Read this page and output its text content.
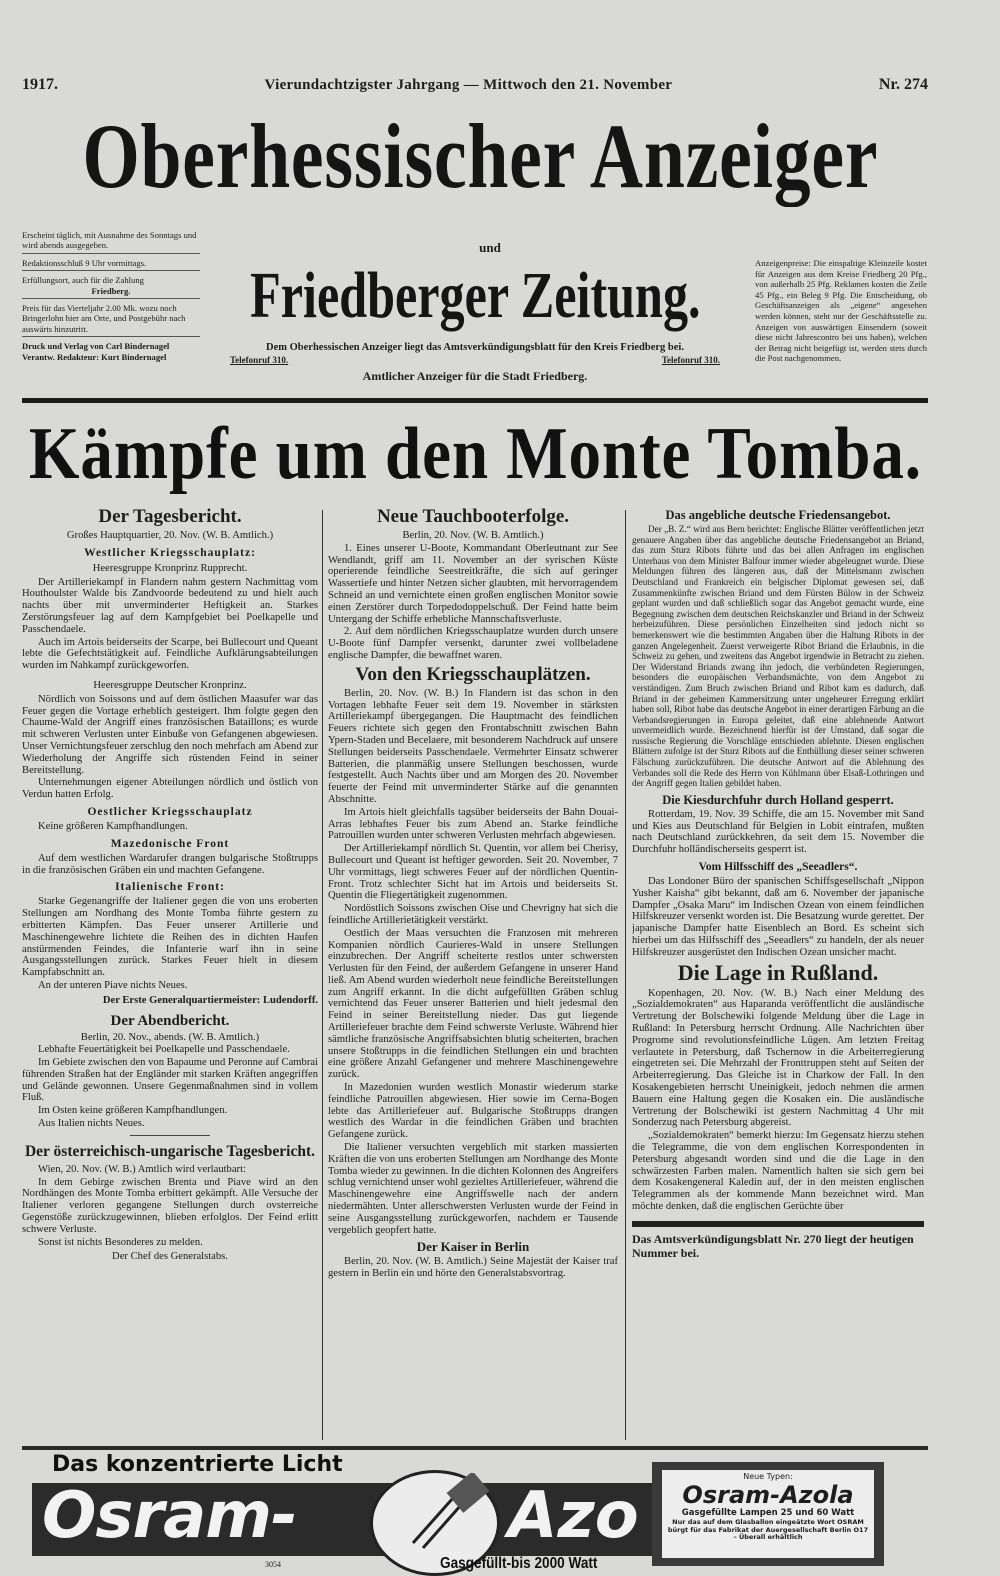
1917.	Vierundachtzigster Jahrgang — Mittwoch den 21. November	Nr. 274
Oberhessischer Anzeiger
und
Friedberger Zeitung.

Erscheint täglich, mit Ausnahme des Sonntags und wird abends ausgegeben.

Redaktionsschluß 9 Uhr vormittags.

Erfüllungsort, auch für die Zahlung

Friedberg.

Preis für das Vierteljahr 2.00 Mk. wozu noch Bringerlohn hier am Orte, und Postgebühr nach auswärts hinzutritt.

Druck und Verlag von Carl Bindernagel Verantw. Redakteur: Kurt Bindernagel

Anzeigenpreise: Die einspaltige Kleinzeile kostet für Anzeigen aus dem Kreise Friedberg 20 Pfg., von außerhalb 25 Pfg. Reklamen kosten die Zeile 45 Pfg., ein Beleg 9 Pfg. Die Entscheidung, ob Geschäftsanzeigen als „eigene“ angesehen werden können, steht nur der Geschäftsstelle zu. Anzeigen von auswärtigen Einsendern (soweit diese nicht Jahrescontro bei uns haben), welchen der Betrag nicht beigefügt ist, werden stets durch die Post nachgenommen.
Dem Oberhessischen Anzeiger liegt das Amtsverkündigungsblatt für den Kreis Friedberg bei.
Telefonruf 310.	Telefonruf 310.
Amtlicher Anzeiger für die Stadt Friedberg.
Kämpfe um den Monte Tomba.
Der Tagesbericht.
Großes Hauptquartier, 20. Nov. (W. B. Amtlich.)
Westlicher Kriegsschauplatz:
Heeresgruppe Kronprinz Rupprecht.

Der Artilleriekampf in Flandern nahm gestern Nachmittag vom Houthoulster Walde bis Zandvoorde bedeutend zu und hielt auch nachts über mit unverminderter Heftigkeit an. Starkes Zerstörungsfeuer lag auf dem Kampfgebiet bei Poelkapelle und Passchendaele.

Auch im Artois beiderseits der Scarpe, bei Bullecourt und Queant lebte die Gefechtstätigkeit auf. Feindliche Aufklärungsabteilungen wurden im Nahkampf zurückgeworfen.

Heeresgruppe Deutscher Kronprinz.

Nördlich von Soissons und auf dem östlichen Maasufer war das Feuer gegen die Vortage erheblich gesteigert. Ihm folgte gegen den Chaume-Wald der Angriff eines französischen Bataillons; es wurde mit schweren Verlusten unter Einbuße von Gefangenen abgewiesen. Unser Vernichtungsfeuer zerschlug den noch mehrfach am Abend zur Wiederholung der Angriffe sich rüstenden Feind in seiner Bereitstellung.

Unternehmungen eigener Abteilungen nördlich und östlich von Verdun hatten Erfolg.

Oestlicher Kriegsschauplatz

Keine größeren Kampfhandlungen.

Mazedonische Front

Auf dem westlichen Wardarufer drangen bulgarische Stoßtrupps in die französischen Gräben ein und machten Gefangene.

Italienische Front:

Starke Gegenangriffe der Italiener gegen die von uns eroberten Stellungen am Nordhang des Monte Tomba führte gestern zu erbitterten Kämpfen. Das Feuer unserer Artillerie und Maschinengewehre lichtete die Reihen des in dichten Haufen anstürmenden Feindes, die Infanterie warf ihn in seine Ausgangsstellungen zurück. Starkes Feuer hielt in diesem Kampfabschnitt an.

An der unteren Piave nichts Neues.

Der Erste Generalquartiermeister: Ludendorff.
Der Abendbericht.
Berlin, 20. Nov., abends. (W. B. Amtlich.)

Lebhafte Feuertätigkeit bei Poelkapelle und Passchendaele.

Im Gebiete zwischen den von Bapaume und Peronne auf Cambrai führenden Straßen hat der Engländer mit starken Kräften angegriffen und Gelände gewonnen. Unsere Gegenmaßnahmen sind in vollem Fluß.

Im Osten keine größeren Kampfhandlungen.

Aus Italien nichts Neues.

Der österreichisch-ungarische Tagesbericht.

Wien, 20. Nov. (W. B.) Amtlich wird verlautbart:

In dem Gebirge zwischen Brenta und Piave wird an den Nordhängen des Monte Tomba erbittert gekämpft. Alle Versuche der Italiener verloren gegangene Stellungen durch ovsterreiche Gegenstöße zurückzugewinnen, blieben erfolglos. Der Feind erlitt schwere Verluste.

Sonst ist nichts Besonderes zu melden.

Der Chef des Generalstabs.
Neue Tauchbooterfolge.
Berlin, 20. Nov. (W. B. Amtlich.)

1. Eines unserer U-Boote, Kommandant Oberleutnant zur See Wendlandt, griff am 11. November an der syrischen Küste operierende feindliche Seestreitkräfte, die sich auf geringer Wassertiefe und hinter Netzen sicher glaubten, mit hervorragendem Schneid an und vernichtete einen großen englischen Monitor sowie einen Zerstörer durch Torpedodoppelschuß. Der Feind hatte beim Untergang der Schiffe erhebliche Mannschaftsverluste.

2. Auf dem nördlichen Kriegsschauplatze wurden durch unsere U-Boote fünf Dampfer versenkt, darunter zwei vollbeladene englische Dampfer, die bewaffnet waren.

Von den Kriegsschauplätzen.

Berlin, 20. Nov. (W. B.) In Flandern ist das schon in den Vortagen lebhafte Feuer seit dem 19. November in stärksten Artilleriekampf übergegangen. Die Hauptmacht des feindlichen Feuers richtete sich gegen den Frontabschnitt zwischen Bahn Ypern-Staden und Becelaere, mit besonderem Nachdruck auf unsere Stellungen beiderseits Passchendaele. Vermehrter Einsatz schwerer Batterien, die planmäßig unsere Stellungen beschossen, wurde festgestellt. Auch Nachts über und am Morgen des 20. November feuerte der Feind mit unverminderter Stärke auf die genannten Abschnitte.

Im Artois hielt gleichfalls tagsüber beiderseits der Bahn Douai-Arras lebhaftes Feuer bis zum Abend an. Starke feindliche Patrouillen wurden unter schweren Verlusten mehrfach abgewiesen.

Der Artilleriekampf nördlich St. Quentin, vor allem bei Cherisy, Bullecourt und Queant ist heftiger geworden. Seit 20. November, 7 Uhr vormittags, liegt schweres Feuer auf der nördlichen Quentin-Front. Trotz schlechter Sicht hat im Artois und beiderseits St. Quentin die Fliegertätigkeit zugenommen.

Nordöstlich Soissons zwischen Oise und Chevrigny hat sich die feindliche Artillerietätigkeit verstärkt.

Oestlich der Maas versuchten die Franzosen mit mehreren Kompanien nördlich Caurieres-Wald in unsere Stellungen einzubrechen. Der Angriff scheiterte restlos unter schwersten Verlusten für den Feind, der außerdem Gefangene in unserer Hand ließ. Am Abend wurden wiederholt neue feindliche Bereitstellungen zum Angriff erkannt. In die dicht aufgefüllten Gräben schlug vernichtend das Feuer unserer Batterien und hielt jedesmal den Feind in seiner Bereitstellung nieder. Das gut liegende Artilleriefeuer brachte dem Feind schwerste Verluste. Während hier sämtliche französische Angriffsabsichten blutig scheiterten, brachen unsere Stoßtrupps in die feindlichen Stellungen ein und brachten eine größere Anzahl Gefangener und mehrere Maschinengewehre zurück.

In Mazedonien wurden westlich Monastir wiederum starke feindliche Patrouillen abgewiesen. Hier sowie im Cerna-Bogen lebte das Artilleriefeuer auf. Bulgarische Stoßtrupps drangen westlich des Wardar in die feindlichen Gräben und brachten Gefangene zurück.

Die Italiener versuchten vergeblich mit starken massierten Kräften die von uns eroberten Stellungen am Nordhange des Monte Tomba wieder zu gewinnen. In die dichten Kolonnen des Angreifers schlug vernichtend unser wohl gezieltes Artilleriefeuer, während die Maschinengewehre eine Angriffswelle nach der andern niedermähten. Unter allerschwersten Verlusten wurde der Feind in seine Ausgangsstellung zurückgeworfen, nachdem er Tausende vergeblich geopfert hatte.

Der Kaiser in Berlin

Berlin, 20. Nov. (W. B. Amtlich.) Seine Majestät der Kaiser traf gestern in Berlin ein und hörte den Generalstabsvortrag.

Das angebliche deutsche Friedensangebot.

Der „B. Z.“ wird aus Bern berichtet: Englische Blätter veröffentlichen jetzt genauere Angaben über das angebliche deutsche Friedensangebot an Briand, das zum Sturz Ribots führte und das bei allen Anfragen im englischen Unterhaus von dem Minister Balfour immer wieder abgeleugnet wurde. Diese Meldungen führen des längeren aus, daß der Mittelsmann zwischen Deutschland und Frankreich ein belgischer Diplomat gewesen sei, daß Zusammenkünfte zwischen Briand und dem Fürsten Bülow in der Schweiz geplant wurden und daß schließlich sogar das Angebot gemacht wurde, eine Begegnung zwischen dem deutschen Reichskanzler und Briand in der Schweiz herbeizuführen. Diese persönlichen Einzelheiten sind jedoch nicht so bemerkenswert wie die bestimmten Angaben über die Haltung Ribots in der ganzen Angelegenheit. Zuerst verweigerte Ribot Briand die Erlaubnis, in die Schweiz zu gehen, und zweitens das Angebot irgendwie in Betracht zu ziehen. Der Widerstand Briands zwang ihn jedoch, die verbündeten Regierungen, besonders die europäischen Verbandsmächte, von dem Angebot zu verständigen. Zum Bruch zwischen Briand und Ribot kam es dadurch, daß Briand in der geheimen Kammersitzung unter ungeheurer Erregung erklärt haben soll, Ribot habe das deutsche Angebot in einer derartigen Färbung an die Verbandsregierungen in Europa geleitet, daß eine ablehnende Antwort unvermeidlich wurde. Bezeichnend hierfür ist der Umstand, daß sogar die russische Regierung die Vorschläge entschieden ablehnte. Diesen englischen Blättern zufolge ist der Sturz Ribots auf die Enthüllung dieser seiner schweren Fälschung zurückzuführen. Die deutsche Antwort auf die Ablehnung des Verbandes soll die Rede des Herrn von Kühlmann über Elsaß-Lothringen und der Angriff gegen Italien gebildet haben.

Die Kiesdurchfuhr durch Holland gesperrt.

Rotterdam, 19. Nov. 39 Schiffe, die am 15. November mit Sand und Kies aus Deutschland für Belgien in Lobit eintrafen, mußten nach Deutschland zurückkehren, da seit dem 15. November die Durchfuhr holländischerseits gesperrt ist.

Vom Hilfsschiff des „Seeadlers“.

Das Londoner Büro der spanischen Schiffsgesellschaft „Nippon Yusher Kaisha“ gibt bekannt, daß am 6. November der japanische Dampfer „Osaka Maru“ im Indischen Ozean von einem feindlichen Hilfskreuzer versenkt worden ist. Die Besatzung wurde gerettet. Der japanische Dampfer hatte Eisenblech an Bord. Es scheint sich hierbei um das Hilfsschiff des „Seeadlers“ zu handeln, der als neuer Hilfskreuzer ausgerüstet den Indischen Ozean unsicher macht.

Die Lage in Rußland.

Kopenhagen, 20. Nov. (W. B.) Nach einer Meldung des „Sozialdemokraten“ aus Haparanda veröffentlicht die ausländische Vertretung der Bolschewiki folgende Meldung über die Lage in Rußland: In Petersburg herrscht Ordnung. Alle Nachrichten über Progrome sind revolutionsfeindliche Lügen. Am letzten Freitag verlautete in Petersburg, daß Tschernow in die Arbeiterregierung eingetreten sei. Die Mehrzahl der Fronttruppen steht auf Seiten der Arbeiterregierung. Das Gleiche ist in Charkow der Fall. In den Kosakengebieten herrscht Uneinigkeit, jedoch nehmen die armen Bauern eine Haltung gegen die Kosaken ein. Die ausländische Vertretung der Bolschewiki ist gestern Nachmittag 4 Uhr mit Sonderzug nach Petersburg abgereist.

„Sozialdemokraten“ bemerkt hierzu: Im Gegensatz hierzu stehen die Telegramme, die von dem englischen Korrespondenten in Petersburg abgesandt worden sind und die die Lage in den schwärzesten Farben malen. Namentlich halten sie sich gern bei dem Kosakengeneral Kaledin auf, der in den meisten englischen Telegrammen als der kommende Mann bezeichnet wird. Man möchte denken, daß die englischen Gerüchte über

Das Amtsverkündigungsblatt Nr. 270 liegt der heutigen Nummer bei.
Das konzentrierte Licht
Osram-	Azo
3054
Neue Typen:
Osram-Azola
Gasgefüllte Lampen 25 und 60 Watt
Nur das auf dem Glasballon eingeätzte Wort OSRAM bürgt für das Fabrikat der Auergesellschaft Berlin O17 – Überall erhältlich
Gasgefüllt-bis 2000 Watt
